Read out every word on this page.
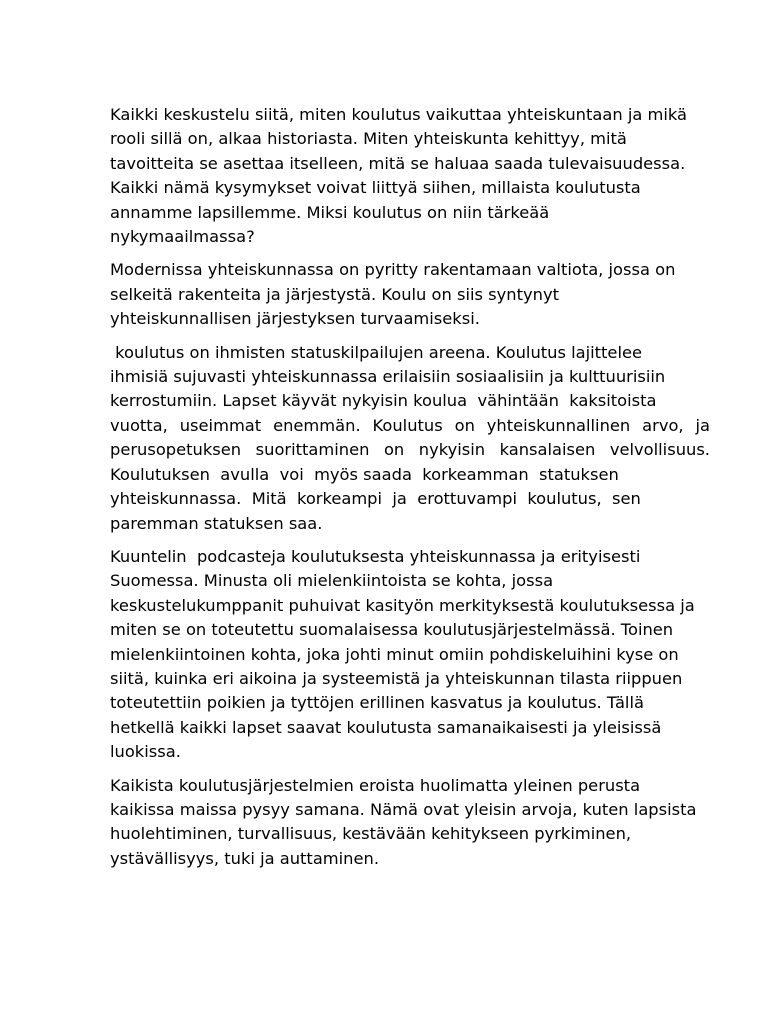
Kaikki keskustelu siitä, miten koulutus vaikuttaa yhteiskuntaan ja mikä
rooli sillä on, alkaa historiasta. Miten yhteiskunta kehittyy, mitä
tavoitteita se asettaa itselleen, mitä se haluaa saada tulevaisuudessa.
Kaikki nämä kysymykset voivat liittyä siihen, millaista koulutusta
annamme lapsillemme. Miksi koulutus on niin tärkeää
nykymaailmassa?
Modernissa yhteiskunnassa on pyritty rakentamaan valtiota, jossa on
selkeitä rakenteita ja järjestystä. Koulu on siis syntynyt
yhteiskunnallisen järjestyksen turvaamiseksi.
koulutus on ihmisten statuskilpailujen areena. Koulutus lajittelee
ihmisiä sujuvasti yhteiskunnassa erilaisiin sosiaalisiin ja kulttuurisiin
kerrostumiin. Lapset käyvät nykyisin koulua  vähintään  kaksitoista
vuotta, useimmat enemmän. Koulutus on yhteiskunnallinen arvo, ja
perusopetuksen suorittaminen on nykyisin kansalaisen velvollisuus.
Koulutuksen  avulla  voi  myös saada  korkeamman  statuksen
yhteiskunnassa.  Mitä  korkeampi  ja  erottuvampi  koulutus,  sen
paremman statuksen saa.
Kuuntelin  podcasteja koulutuksesta yhteiskunnassa ja erityisesti
Suomessa. Minusta oli mielenkiintoista se kohta, jossa
keskustelukumppanit puhuivat kasityön merkityksestä koulutuksessa ja
miten se on toteutettu suomalaisessa koulutusjärjestelmässä. Toinen
mielenkiintoinen kohta, joka johti minut omiin pohdiskeluihini kyse on
siitä, kuinka eri aikoina ja systeemistä ja yhteiskunnan tilasta riippuen
toteutettiin poikien ja tyttöjen erillinen kasvatus ja koulutus. Tällä
hetkellä kaikki lapset saavat koulutusta samanaikaisesti ja yleisissä
luokissa.
Kaikista koulutusjärjestelmien eroista huolimatta yleinen perusta
kaikissa maissa pysyy samana. Nämä ovat yleisin arvoja, kuten lapsista
huolehtiminen, turvallisuus, kestävään kehitykseen pyrkiminen,
ystävällisyys, tuki ja auttaminen.
